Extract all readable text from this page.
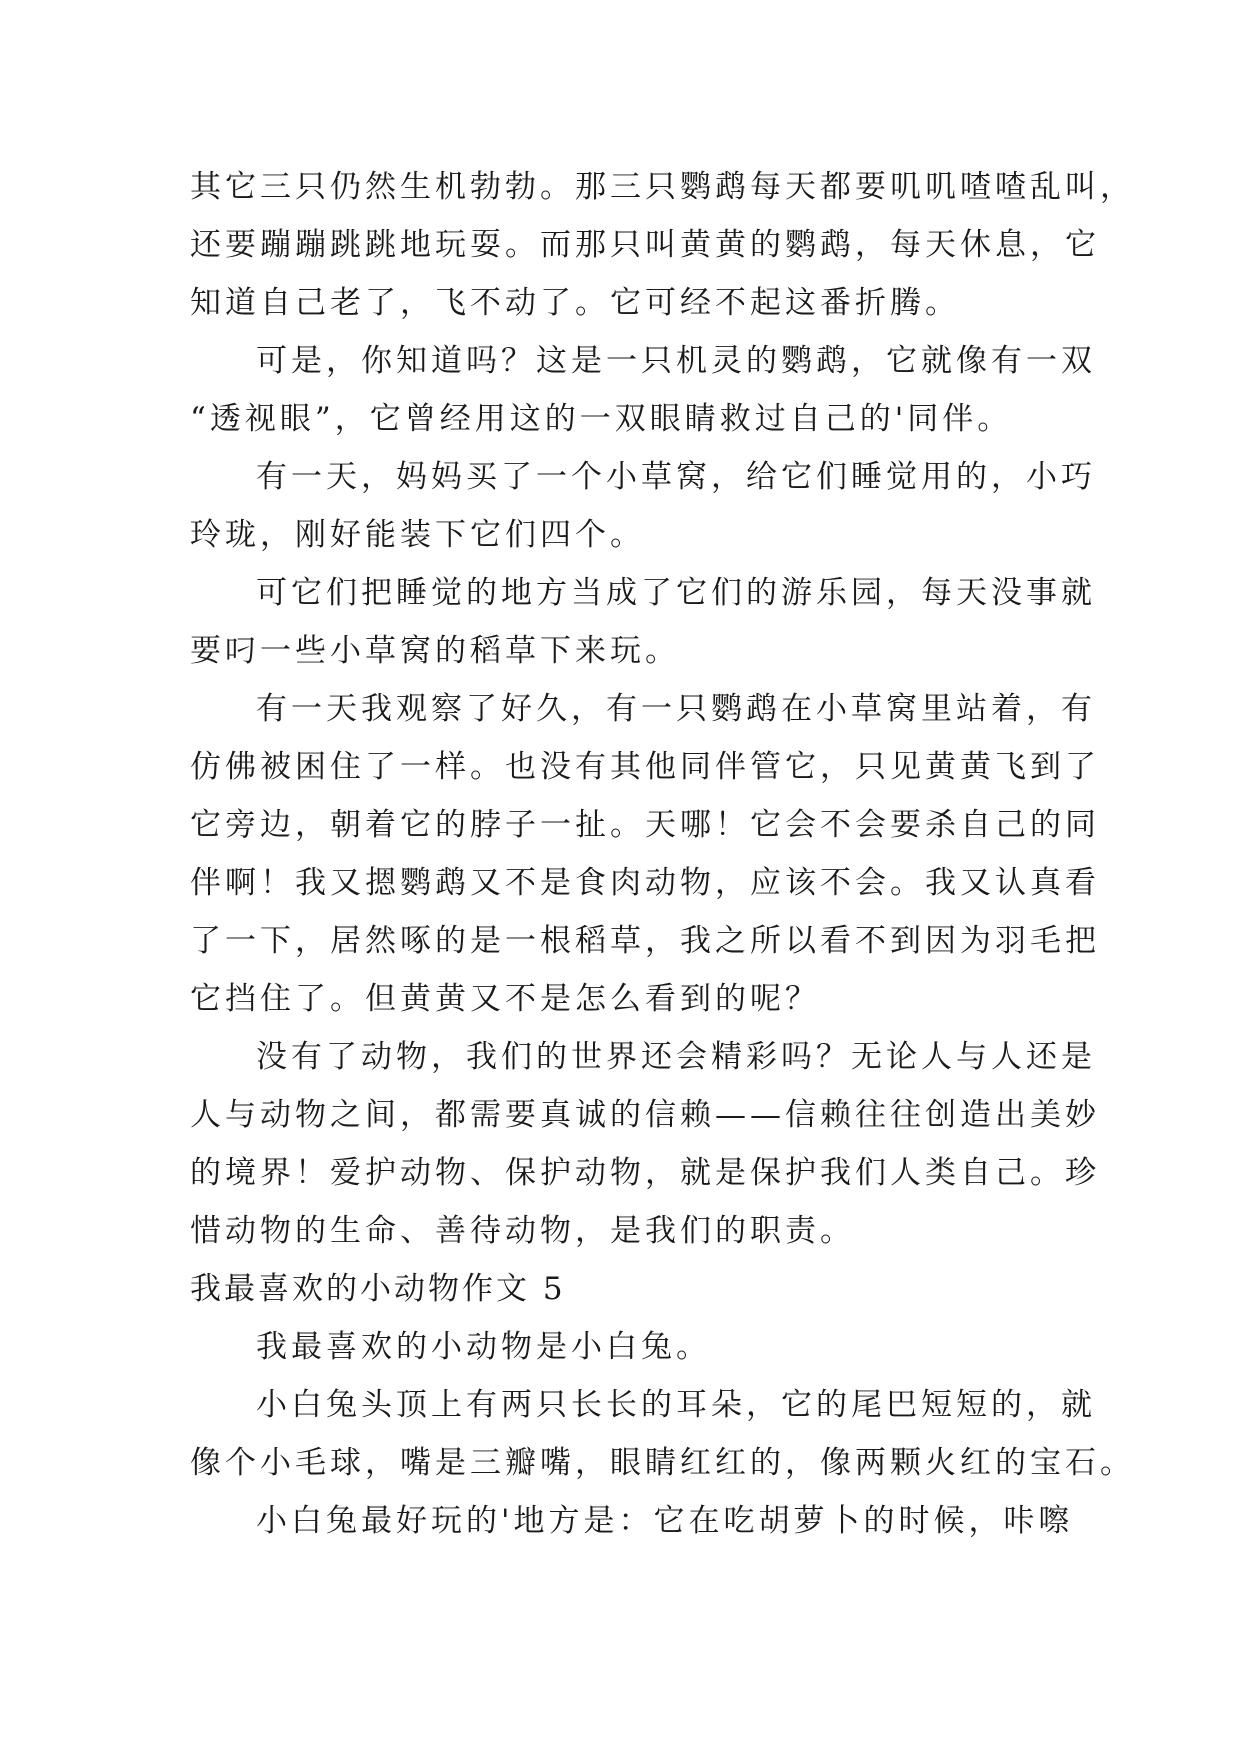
其它三只仍然生机勃勃。那三只鹦鹉每天都要叽叽喳喳乱叫，
还要蹦蹦跳跳地玩耍。而那只叫黄黄的鹦鹉，每天休息，它
知道自己老了，飞不动了。它可经不起这番折腾。
可是，你知道吗？这是一只机灵的鹦鹉，它就像有一双
“透视眼”，它曾经用这的一双眼睛救过自己的'同伴。
有一天，妈妈买了一个小草窝，给它们睡觉用的，小巧
玲珑，刚好能装下它们四个。
可它们把睡觉的地方当成了它们的游乐园，每天没事就
要叼一些小草窝的稻草下来玩。
有一天我观察了好久，有一只鹦鹉在小草窝里站着，有
仿佛被困住了一样。也没有其他同伴管它，只见黄黄飞到了
它旁边，朝着它的脖子一扯。天哪！它会不会要杀自己的同
伴啊！我又摁鹦鹉又不是食肉动物，应该不会。我又认真看
了一下，居然啄的是一根稻草，我之所以看不到因为羽毛把
它挡住了。但黄黄又不是怎么看到的呢？
没有了动物，我们的世界还会精彩吗？无论人与人还是
人与动物之间，都需要真诚的信赖——信赖往往创造出美妙
的境界！爱护动物、保护动物，就是保护我们人类自己。珍
惜动物的生命、善待动物，是我们的职责。
我最喜欢的小动物作文 5
我最喜欢的小动物是小白兔。
小白兔头顶上有两只长长的耳朵，它的尾巴短短的，就
像个小毛球，嘴是三瓣嘴，眼睛红红的，像两颗火红的宝石。
小白兔最好玩的'地方是：它在吃胡萝卜的时候，咔嚓
